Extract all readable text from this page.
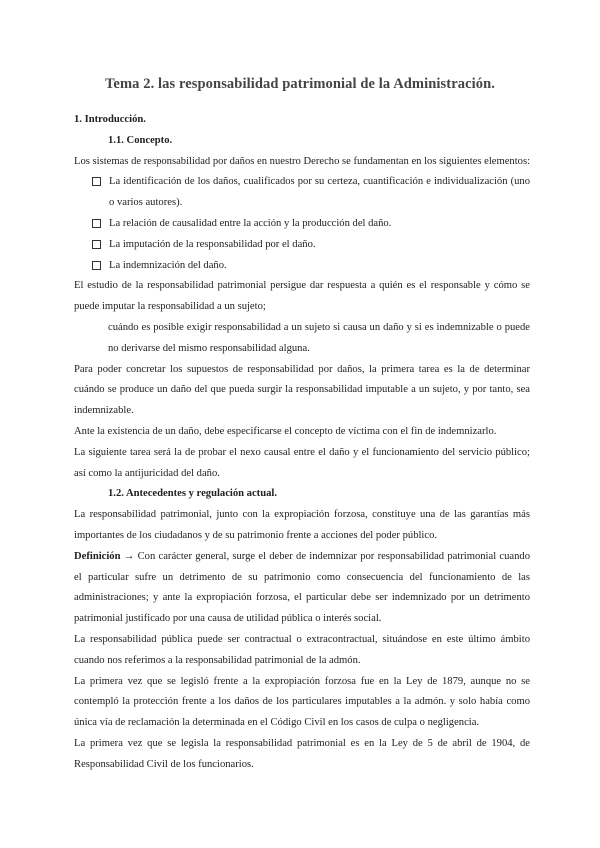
Tema 2. las responsabilidad patrimonial de la Administración.

1. Introducción.

1.1. Concepto.

Los sistemas de responsabilidad por daños en nuestro Derecho se fundamentan en los siguientes elementos:

La identificación de los daños, cualificados por su certeza, cuantificación e individualización (uno o varios autores).
La relación de causalidad entre la acción y la producción del daño.
La imputación de la responsabilidad por el daño.
La indemnización del daño.

El estudio de la responsabilidad patrimonial persigue dar respuesta a quién es el responsable y cómo se puede imputar la responsabilidad a un sujeto;

cuándo es posible exigir responsabilidad a un sujeto si causa un daño y si es indemnizable o puede no derivarse del mismo responsabilidad alguna.

Para poder concretar los supuestos de responsabilidad por daños, la primera tarea es la de determinar cuándo se produce un daño del que pueda surgir la responsabilidad imputable a un sujeto, y por tanto, sea indemnizable.

Ante la existencia de un daño, debe especificarse el concepto de víctima con el fin de indemnizarlo.

La siguiente tarea será la de probar el nexo causal entre el daño y el funcionamiento del servicio público; así como la antijuricidad del daño.

1.2. Antecedentes y regulación actual.

La responsabilidad patrimonial, junto con la expropiación forzosa, constituye una de las garantías más importantes de los ciudadanos y de su patrimonio frente a acciones del poder público.

Definición → Con carácter general, surge el deber de indemnizar por responsabilidad patrimonial cuando el particular sufre un detrimento de su patrimonio como consecuencia del funcionamiento de las administraciones; y ante la expropiación forzosa, el particular debe ser indemnizado por un detrimento patrimonial justificado por una causa de utilidad pública o interés social.

La responsabilidad pública puede ser contractual o extracontractual, situándose en este último ámbito cuando nos referimos a la responsabilidad patrimonial de la admón.

La primera vez que se legisló frente a la expropiación forzosa fue en la Ley de 1879, aunque no se contempló la protección frente a los daños de los particulares imputables a la admón. y solo había como única vía de reclamación la determinada en el Código Civil en los casos de culpa o negligencia.

La primera vez que se legisla la responsabilidad patrimonial es en la Ley de 5 de abril de 1904, de Responsabilidad Civil de los funcionarios.
